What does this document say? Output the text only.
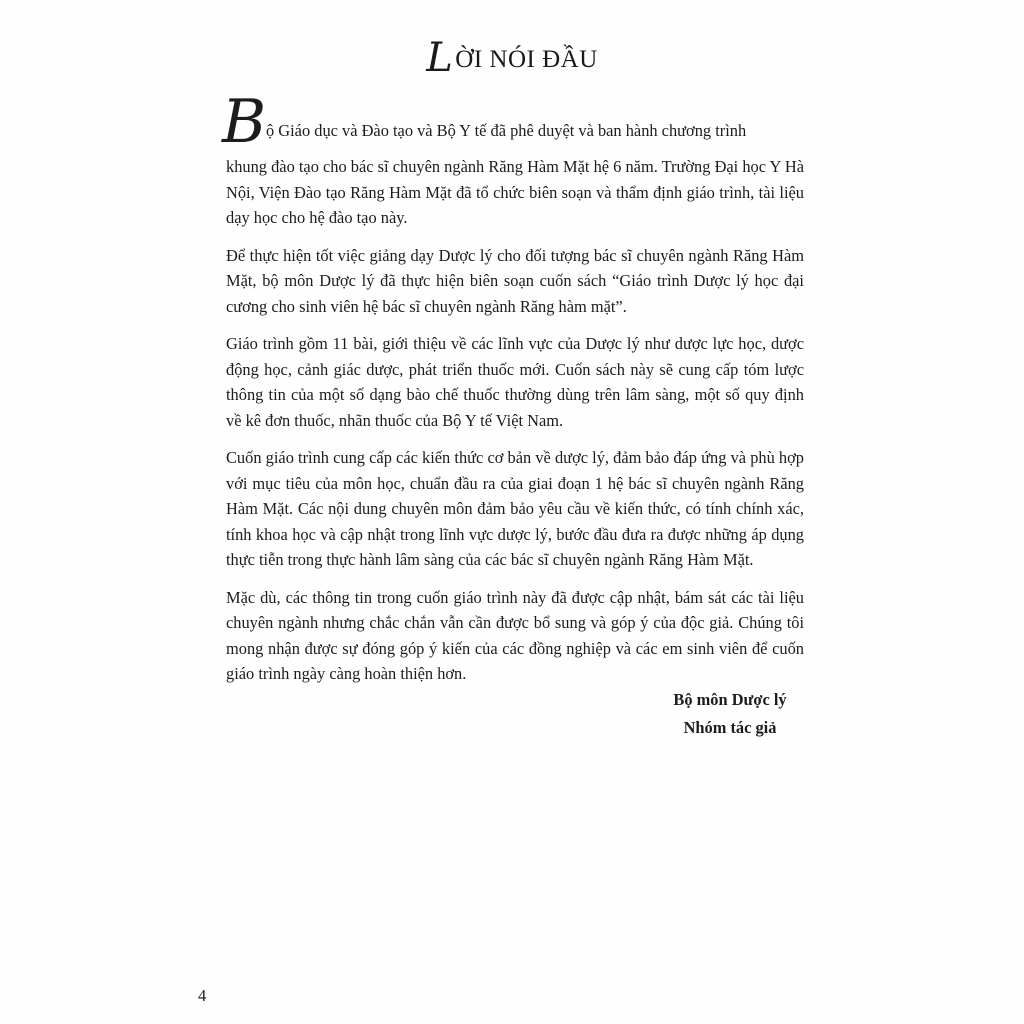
LỜI NÓI ĐẦU
B ộ Giáo dục và Đào tạo và Bộ Y tế đã phê duyệt và ban hành chương trình
khung đào tạo cho bác sĩ chuyên ngành Răng Hàm Mặt hệ 6 năm. Trường Đại học Y Hà Nội, Viện Đào tạo Răng Hàm Mặt đã tổ chức biên soạn và thẩm định giáo trình, tài liệu dạy học cho hệ đào tạo này.

Để thực hiện tốt việc giảng dạy Dược lý cho đối tượng bác sĩ chuyên ngành Răng Hàm Mặt, bộ môn Dược lý đã thực hiện biên soạn cuốn sách “Giáo trình Dược lý học đại cương cho sinh viên hệ bác sĩ chuyên ngành Răng hàm mặt”.

Giáo trình gồm 11 bài, giới thiệu về các lĩnh vực của Dược lý như dược lực học, dược động học, cảnh giác dược, phát triển thuốc mới. Cuốn sách này sẽ cung cấp tóm lược thông tin của một số dạng bào chế thuốc thường dùng trên lâm sàng, một số quy định về kê đơn thuốc, nhãn thuốc của Bộ Y tế Việt Nam.

Cuốn giáo trình cung cấp các kiến thức cơ bản về dược lý, đảm bảo đáp ứng và phù hợp với mục tiêu của môn học, chuẩn đầu ra của giai đoạn 1 hệ bác sĩ chuyên ngành Răng Hàm Mặt. Các nội dung chuyên môn đảm bảo yêu cầu về kiến thức, có tính chính xác, tính khoa học và cập nhật trong lĩnh vực dược lý, bước đầu đưa ra được những áp dụng thực tiễn trong thực hành lâm sàng của các bác sĩ chuyên ngành Răng Hàm Mặt.

Mặc dù, các thông tin trong cuốn giáo trình này đã được cập nhật, bám sát các tài liệu chuyên ngành nhưng chắc chắn vẫn cần được bổ sung và góp ý của độc giả. Chúng tôi mong nhận được sự đóng góp ý kiến của các đồng nghiệp và các em sinh viên để cuốn giáo trình ngày càng hoàn thiện hơn.

Bộ môn Dược lý
Nhóm tác giả
4
